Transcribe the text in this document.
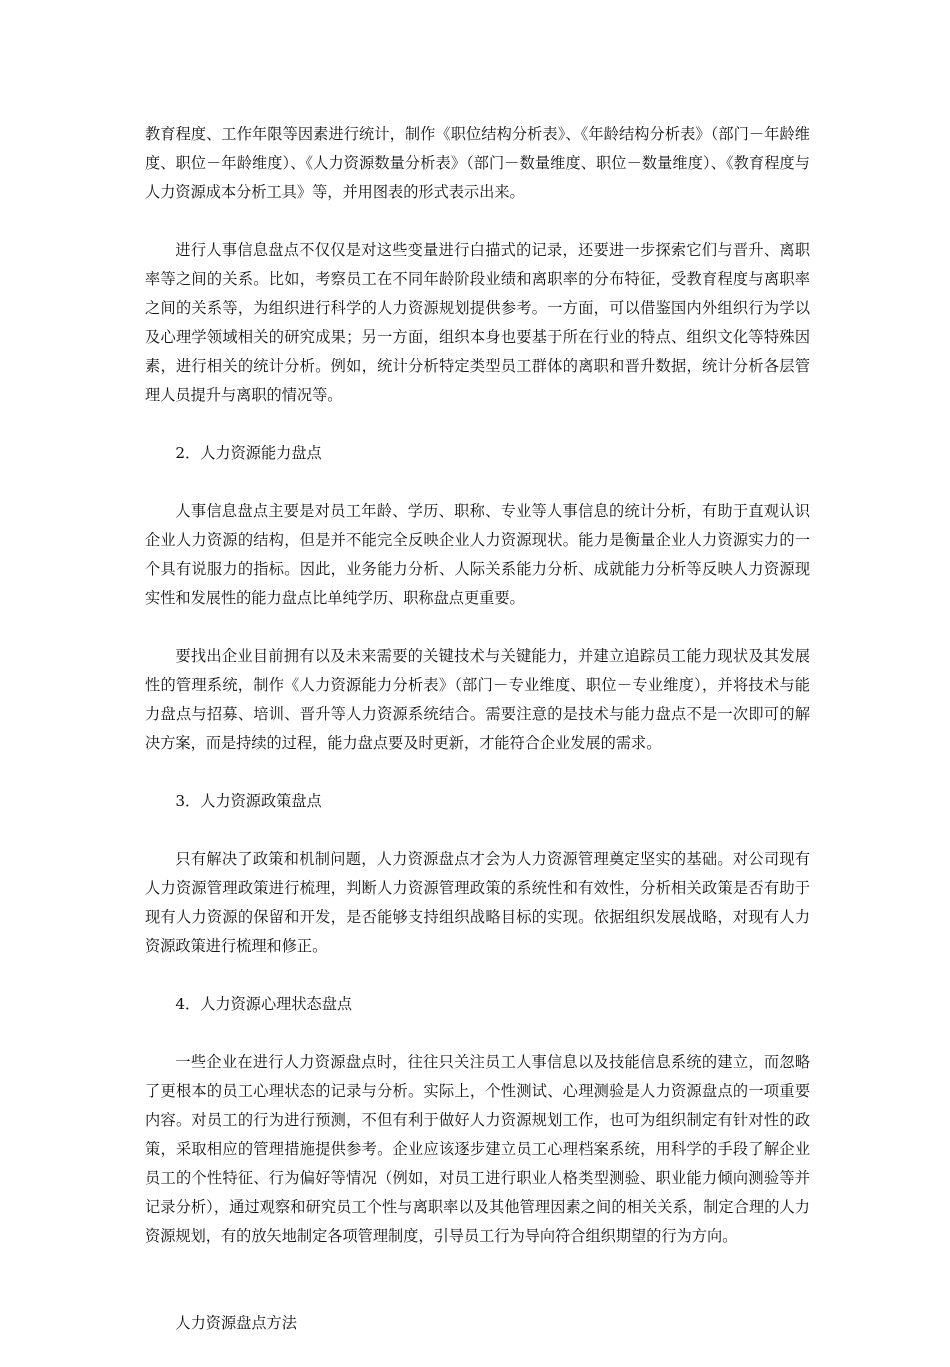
教育程度、工作年限等因素进行统计，制作《职位结构分析表》、《年龄结构分析表》（部门－年龄维度、职位－年龄维度）、《人力资源数量分析表》（部门－数量维度、职位－数量维度）、《教育程度与人力资源成本分析工具》等，并用图表的形式表示出来。

进行人事信息盘点不仅仅是对这些变量进行白描式的记录，还要进一步探索它们与晋升、离职率等之间的关系。比如，考察员工在不同年龄阶段业绩和离职率的分布特征，受教育程度与离职率之间的关系等，为组织进行科学的人力资源规划提供参考。一方面，可以借鉴国内外组织行为学以及心理学领域相关的研究成果；另一方面，组织本身也要基于所在行业的特点、组织文化等特殊因素，进行相关的统计分析。例如，统计分析特定类型员工群体的离职和晋升数据，统计分析各层管理人员提升与离职的情况等。

2．人力资源能力盘点

人事信息盘点主要是对员工年龄、学历、职称、专业等人事信息的统计分析，有助于直观认识企业人力资源的结构，但是并不能完全反映企业人力资源现状。能力是衡量企业人力资源实力的一个具有说服力的指标。因此，业务能力分析、人际关系能力分析、成就能力分析等反映人力资源现实性和发展性的能力盘点比单纯学历、职称盘点更重要。

要找出企业目前拥有以及未来需要的关键技术与关键能力，并建立追踪员工能力现状及其发展性的管理系统，制作《人力资源能力分析表》（部门－专业维度、职位－专业维度），并将技术与能力盘点与招募、培训、晋升等人力资源系统结合。需要注意的是技术与能力盘点不是一次即可的解决方案，而是持续的过程，能力盘点要及时更新，才能符合企业发展的需求。

3．人力资源政策盘点

只有解决了政策和机制问题，人力资源盘点才会为人力资源管理奠定坚实的基础。对公司现有人力资源管理政策进行梳理，判断人力资源管理政策的系统性和有效性，分析相关政策是否有助于现有人力资源的保留和开发，是否能够支持组织战略目标的实现。依据组织发展战略，对现有人力资源政策进行梳理和修正。

4．人力资源心理状态盘点

一些企业在进行人力资源盘点时，往往只关注员工人事信息以及技能信息系统的建立，而忽略了更根本的员工心理状态的记录与分析。实际上，个性测试、心理测验是人力资源盘点的一项重要内容。对员工的行为进行预测，不但有利于做好人力资源规划工作，也可为组织制定有针对性的政策，采取相应的管理措施提供参考。企业应该逐步建立员工心理档案系统，用科学的手段了解企业员工的个性特征、行为偏好等情况（例如，对员工进行职业人格类型测验、职业能力倾向测验等并记录分析），通过观察和研究员工个性与离职率以及其他管理因素之间的相关关系，制定合理的人力资源规划，有的放矢地制定各项管理制度，引导员工行为导向符合组织期望的行为方向。

人力资源盘点方法
